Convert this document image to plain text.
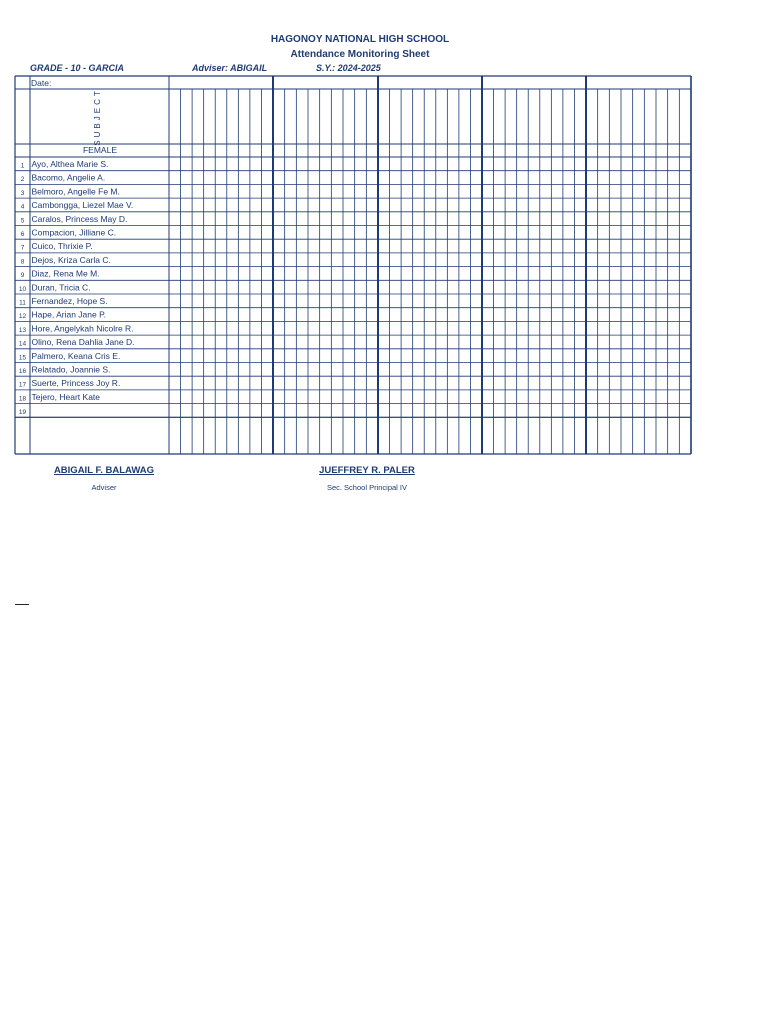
HAGONOY NATIONAL HIGH SCHOOL
Attendance Monitoring Sheet
GRADE - 10 - GARCIA	Adviser: ABIGAIL	S.Y.: 2024-2025
Date:
SUBJECT
FEMALE
1 Ayo, Althea Marie S.
2 Bacomo, Angelie A.
3 Belmoro, Angelle Fe M.
4 Cambongga, Liezel Mae V.
5 Caralos, Princess May D.
6 Compacion, Jilliane C.
7 Cuico, Thrixie P.
8 Dejos, Kriza Carla C.
9 Diaz, Rena Me M.
10 Duran, Tricia C.
11 Fernandez, Hope S.
12 Hape, Arian Jane P.
13 Hore, Angelykah Nicolre R.
14 Olino, Rena Dahlia Jane D.
15 Palmero, Keana Cris E.
16 Relatado, Joannie S.
17 Suerte, Princess Joy R.
18 Tejero, Heart Kate
19
ABIGAIL F. BALAWAG
Adviser
JUEFFREY R. PALER
Sec. School Principal IV
